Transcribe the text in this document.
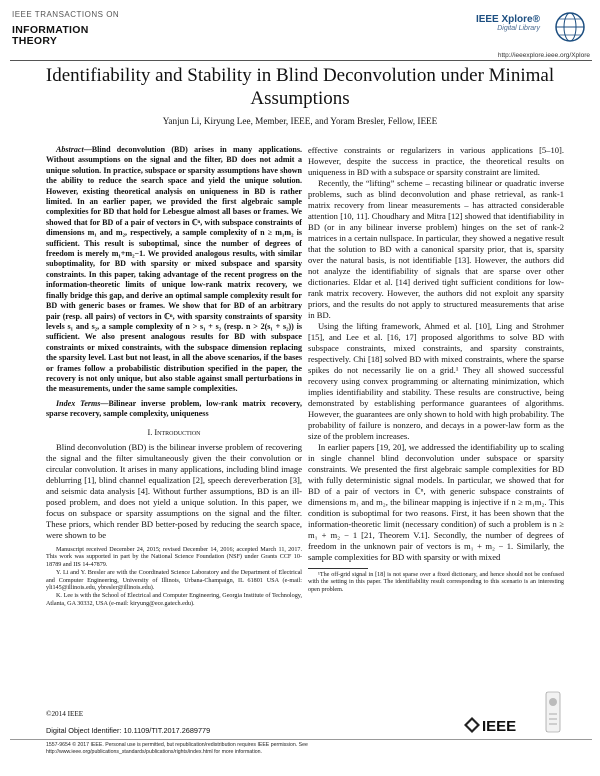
IEEE TRANSACTIONS ON
INFORMATION
THEORY
IEEE Xplore®
Digital Library
http://ieeexplore.ieee.org/Xplore
Identifiability and Stability in Blind Deconvolution under Minimal Assumptions
Yanjun Li, Kiryung Lee, Member, IEEE, and Yoram Bresler, Fellow, IEEE

Abstract—Blind deconvolution (BD) arises in many applications. Without assumptions on the signal and the filter, BD does not admit a unique solution. In practice, subspace or sparsity assumptions have shown the ability to reduce the search space and yield the unique solution. However, existing theoretical analysis on uniqueness in BD is rather limited. In an earlier paper, we provided the first algebraic sample complexities for BD that hold for Lebesgue almost all bases or frames. We showed that for BD of a pair of vectors in ℂⁿ, with subspace constraints of dimensions m₁ and m₂, respectively, a sample complexity of n ≥ m₁m₂ is sufficient. This result is suboptimal, since the number of degrees of freedom is merely m₁+m₂−1. We provided analogous results, with similar suboptimality, for BD with sparsity or mixed subspace and sparsity constraints. In this paper, taking advantage of the recent progress on the information-theoretic limits of unique low-rank matrix recovery, we finally bridge this gap, and derive an optimal sample complexity result for BD with generic bases or frames. We show that for BD of an arbitrary pair (resp. all pairs) of vectors in ℂⁿ, with sparsity constraints of sparsity levels s₁ and s₂, a sample complexity of n > s₁ + s₂ (resp. n > 2(s₁ + s₂)) is sufficient. We also present analogous results for BD with subspace constraints or mixed constraints, with the subspace dimension replacing the sparsity level. Last but not least, in all the above scenarios, if the bases or frames follow a probabilistic distribution specified in the paper, the recovery is not only unique, but also stable against small perturbations in the measurements, under the same sample complexities.

Index Terms—Bilinear inverse problem, low-rank matrix recovery, sparse recovery, sample complexity, uniqueness

I. Introduction

Blind deconvolution (BD) is the bilinear inverse problem of recovering the signal and the filter simultaneously given the their convolution or circular convolution. It arises in many applications, including blind image deblurring [1], blind channel equalization [2], speech dereverberation [3], and seismic data analysis [4]. Without further assumptions, BD is an ill-posed problem, and does not yield a unique solution. In this paper, we focus on subspace or sparsity assumptions on the signal and the filter. These priors, which render BD better-posed by reducing the search space, were shown to be

Manuscript received December 24, 2015; revised December 14, 2016; accepted March 11, 2017. This work was supported in part by the National Science Foundation (NSF) under Grants CCF 10-18789 and IIS 14-47879.

Y. Li and Y. Bresler are with the Coordinated Science Laboratory and the Department of Electrical and Computer Engineering, University of Illinois, Urbana-Champaign, IL 61801 USA (e-mail: yli145@illinois.edu, ybresler@illinois.edu).

K. Lee is with the School of Electrical and Computer Engineering, Georgia Institute of Technology, Atlanta, GA 30332, USA (e-mail: kiryung@ece.gatech.edu).

effective constraints or regularizers in various applications [5–10]. However, despite the success in practice, the theoretical results on uniqueness in BD with a subspace or sparsity constraint are limited.

Recently, the “lifting” scheme – recasting bilinear or quadratic inverse problems, such as blind deconvolution and phase retrieval, as rank-1 matrix recovery from linear measurements – has attracted considerable attention [10, 11]. Choudhary and Mitra [12] showed that identifiability in BD (or in any bilinear inverse problem) hinges on the set of rank-2 matrices in a certain nullspace. In particular, they showed a negative result that the solution to BD with a canonical sparsity prior, that is, sparsity over the natural basis, is not identifiable [13]. However, the authors did not analyze the identifiability of signals that are sparse over other dictionaries. Eldar et al. [14] derived tight sufficient conditions for low-rank matrix recovery. However, the authors did not exploit any sparsity priors, and the results do not apply to structured measurements that arise in BD.

Using the lifting framework, Ahmed et al. [10], Ling and Strohmer [15], and Lee et al. [16, 17] proposed algorithms to solve BD with subspace constraints, mixed constraints, and sparsity constraints, respectively. Chi [18] solved BD with mixed constraints, where the sparse spikes do not necessarily lie on a grid.¹ They all showed successful recovery using convex programming or alternating minimization, which implies identifiability and stability. These results are constructive, being demonstrated by establishing performance guarantees of algorithms. However, the guarantees are only shown to hold with high probability. The probability of failure is nonzero, and decays in a power-law form as the size of the problem increases.

In earlier papers [19, 20], we addressed the identifiability up to scaling in single channel blind deconvolution under subspace or sparsity constraints. We presented the first algebraic sample complexities for BD with fully deterministic signal models. In particular, we showed that for BD of a pair of vectors in ℂⁿ, with generic subspace constraints of dimensions m₁ and m₂, the bilinear mapping is injective if n ≥ m₁m₂. This condition is suboptimal for two reasons. First, it has been shown that the information-theoretic limit (necessary condition) of such a problem is n ≥ m₁ + m₂ − 1 [21, Theorem V.1]. Secondly, the number of degrees of freedom in the unknown pair of vectors is m₁ + m₂ − 1. Similarly, the sample complexities for BD with sparsity or with mixed

¹The off-grid signal in [18] is not sparse over a fixed dictionary, and hence should not be confused with the setting in this paper. The identifiability result corresponding to this scenario is an interesting open problem.

©2014 IEEE
Digital Object Identifier: 10.1109/TIT.2017.2689779	IEEE
1557-9654 © 2017 IEEE. Personal use is permitted, but republication/redistribution requires IEEE permission. See http://www.ieee.org/publications_standards/publications/rights/index.html for more information.
